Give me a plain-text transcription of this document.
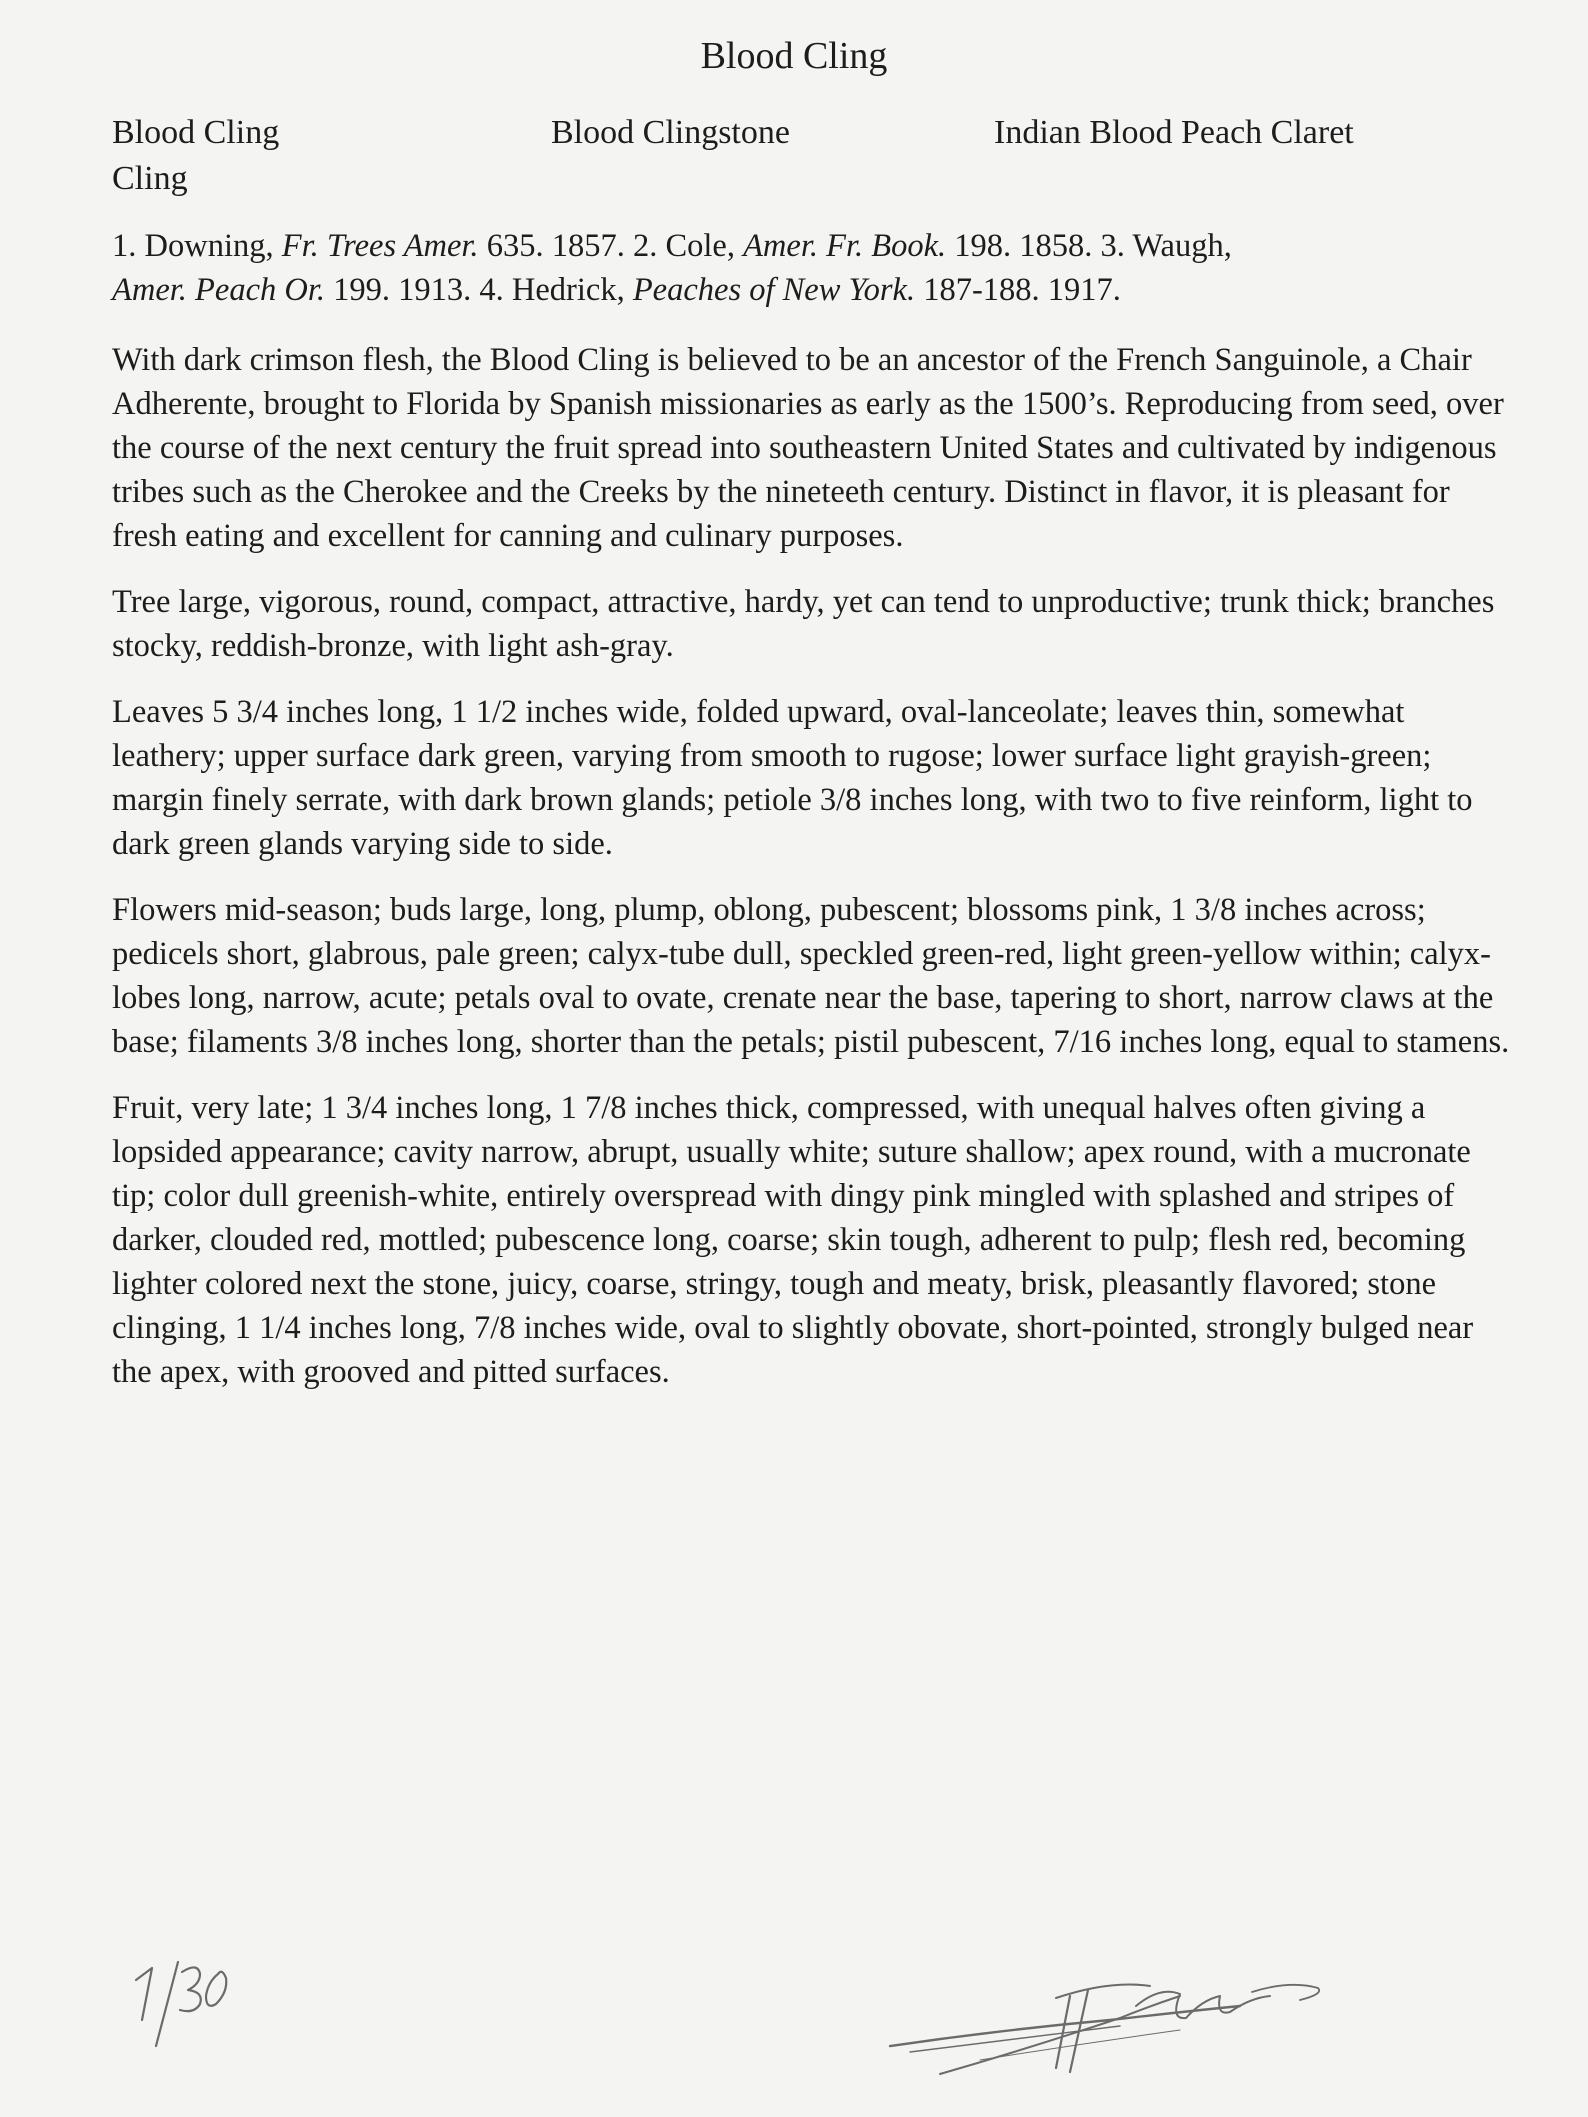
Blood Cling
Blood Cling	Blood Clingstone	Indian Blood Peach Claret
Cling

1. Downing, Fr. Trees Amer. 635. 1857. 2. Cole, Amer. Fr. Book. 198. 1858. 3. Waugh,
Amer. Peach Or. 199. 1913. 4. Hedrick, Peaches of New York. 187-188. 1917.

With dark crimson flesh, the Blood Cling is believed to be an ancestor of the French Sanguinole, a Chair Adherente, brought to Florida by Spanish missionaries as early as the 1500’s. Reproducing from seed, over the course of the next century the fruit spread into southeastern United States and cultivated by indigenous tribes such as the Cherokee and the Creeks by the nineteeth century. Distinct in flavor, it is pleasant for fresh eating and excellent for canning and culinary purposes.

Tree large, vigorous, round, compact, attractive, hardy, yet can tend to unproductive; trunk thick; branches stocky, reddish-bronze, with light ash-gray.

Leaves 5 3/4 inches long, 1 1/2 inches wide, folded upward, oval-lanceolate; leaves thin, somewhat leathery; upper surface dark green, varying from smooth to rugose; lower surface light grayish-green; margin finely serrate, with dark brown glands; petiole 3/8 inches long, with two to five reinform, light to dark green glands varying side to side.

Flowers mid-season; buds large, long, plump, oblong, pubescent; blossoms pink, 1 3/8 inches across; pedicels short, glabrous, pale green; calyx-tube dull, speckled green-red, light green-yellow within; calyx-lobes long, narrow, acute; petals oval to ovate, crenate near the base, tapering to short, narrow claws at the base; filaments 3/8 inches long, shorter than the petals; pistil pubescent, 7/16 inches long, equal to stamens.

Fruit, very late; 1 3/4 inches long, 1 7/8 inches thick, compressed, with unequal halves often giving a lopsided appearance; cavity narrow, abrupt, usually white; suture shallow; apex round, with a mucronate tip; color dull greenish-white, entirely overspread with dingy pink mingled with splashed and stripes of darker, clouded red, mottled; pubescence long, coarse; skin tough, adherent to pulp; flesh red, becoming lighter colored next the stone, juicy, coarse, stringy, tough and meaty, brisk, pleasantly flavored; stone clinging, 1 1/4 inches long, 7/8 inches wide, oval to slightly obovate, short-pointed, strongly bulged near the apex, with grooved and pitted surfaces.
